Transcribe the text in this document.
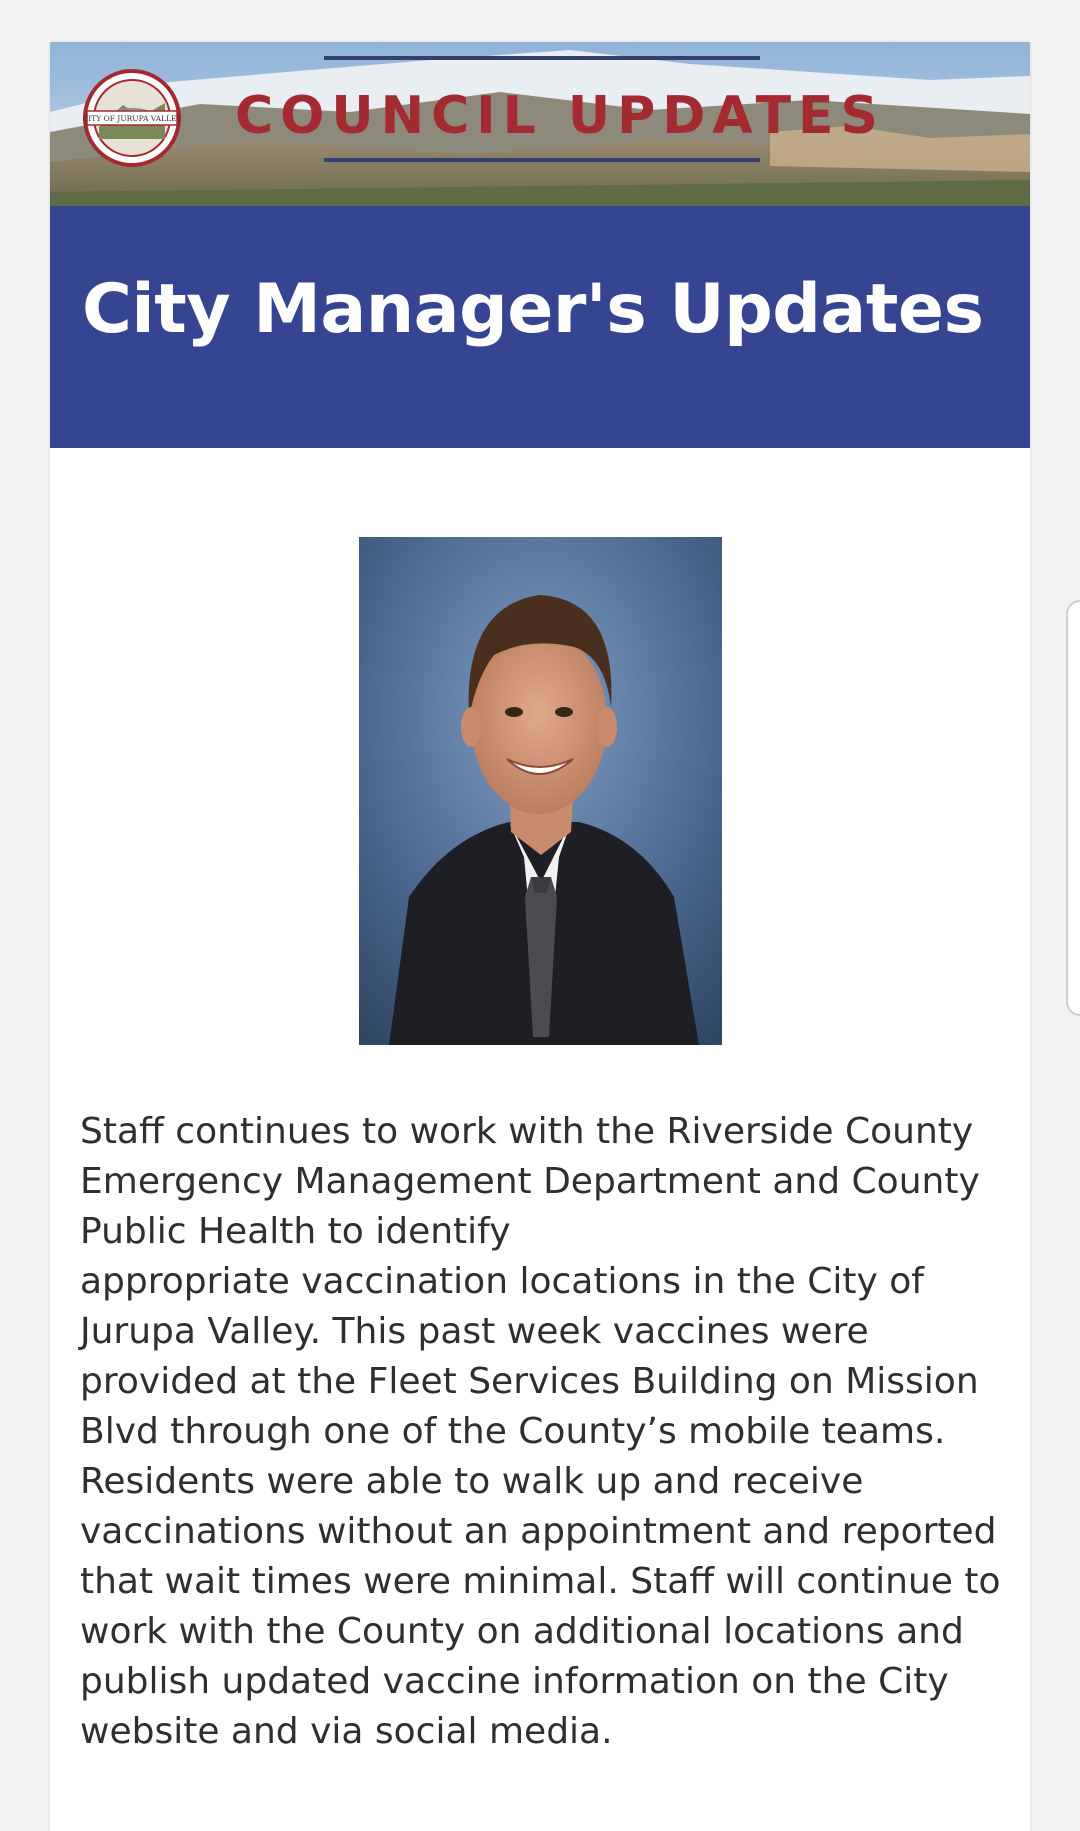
CITY OF JURUPA VALLEY COUNCIL UPDATES
City Manager's Updates
Staff continues to work with the Riverside County Emergency Management Department and County Public Health to identify
appropriate vaccination locations in the City of Jurupa Valley. This past week vaccines were provided at the Fleet Services Building on Mission Blvd through one of the County’s mobile teams. Residents were able to walk up and receive vaccinations without an appointment and reported that wait times were minimal. Staff will continue to work with the County on additional locations and publish updated vaccine information on the City website and via social media.
